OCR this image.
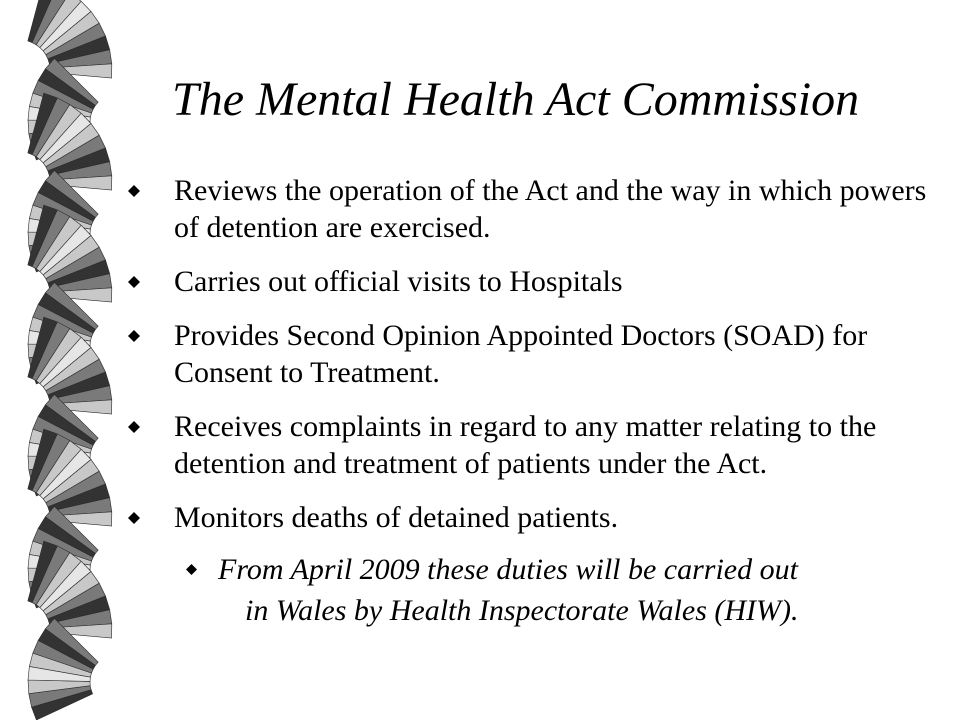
The Mental Health Act Commission
Reviews the operation of the Act and the way in which powers of detention are exercised.
Carries out official visits to Hospitals
Provides Second Opinion Appointed Doctors (SOAD) for Consent to Treatment.
Receives complaints in regard to any matter relating to the detention and treatment of patients under the Act.
Monitors deaths of detained patients.
From April 2009 these duties will be carried out
in Wales by Health Inspectorate Wales (HIW).
